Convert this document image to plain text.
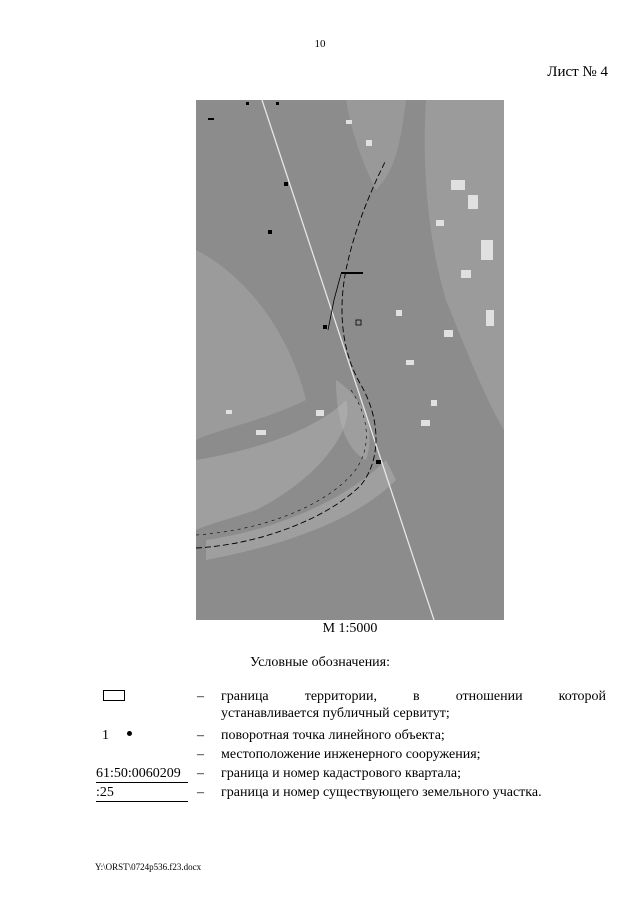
10
Лист № 4
М 1:5000
Условные обозначения:
–	граница территории, в отношении которой
устанавливается публичный сервитут;
1	–	поворотная точка линейного объекта;
–	местоположение инженерного сооружения;
61:50:0060209	–	граница и номер кадастрового квартала;
:25	–	граница и номер существующего земельного участка.
Y:\ORST\0724p536.f23.docx
